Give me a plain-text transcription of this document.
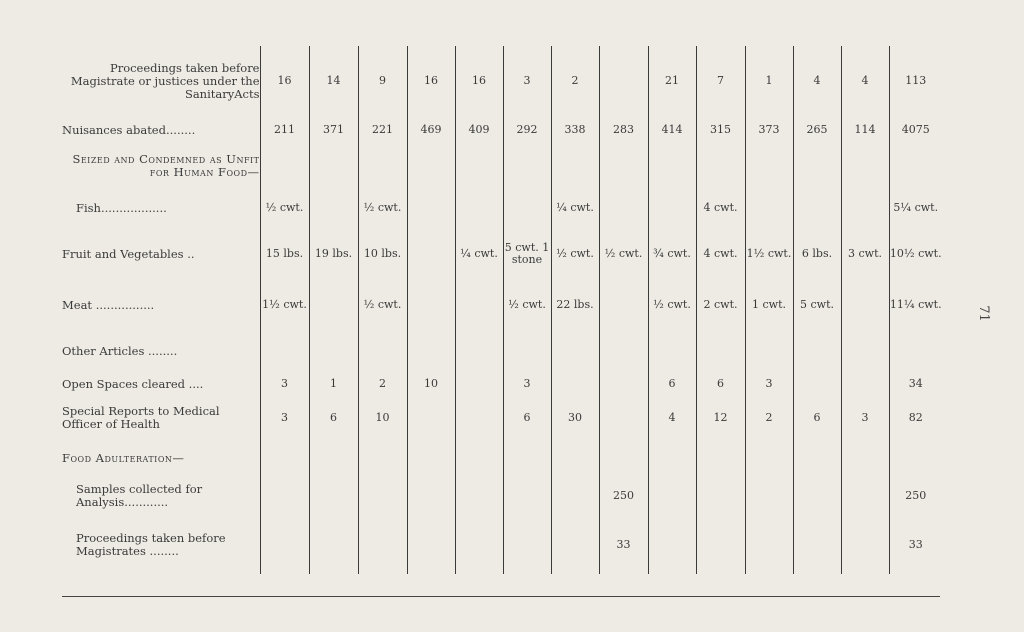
Proceedings taken before Magistrate or justices under the SanitaryActs	16	14	9	16	16	3	2		21	7	1	4	4	113
Nuisances abated........	211	371	221	469	409	292	338	283	414	315	373	265	114	4075
Seized and Condemned as Unfit for Human Food—														
Fish..................	½ cwt.		½ cwt.				¼ cwt.			4 cwt.				5¼ cwt.
Fruit and Vegetables ..	15 lbs.	19 lbs.	10 lbs.		¼ cwt.	5 cwt. 1 stone	½ cwt.	½ cwt.	¾ cwt.	4 cwt.	1½ cwt.	6 lbs.	3 cwt.	10½ cwt.
Meat ................	1½ cwt.		½ cwt.			½ cwt.	22 lbs.		½ cwt.	2 cwt.	1 cwt.	5 cwt.		11¼ cwt.
Other Articles ........														
Open Spaces cleared ....	3	1	2	10		3			6	6	3			34
Special Reports to Medical Officer of Health	3	6	10			6	30		4	12	2	6	3	82
Food Adulteration—														
Samples collected for Analysis............								250						250
Proceedings taken before Magistrates ........								33						33
71
